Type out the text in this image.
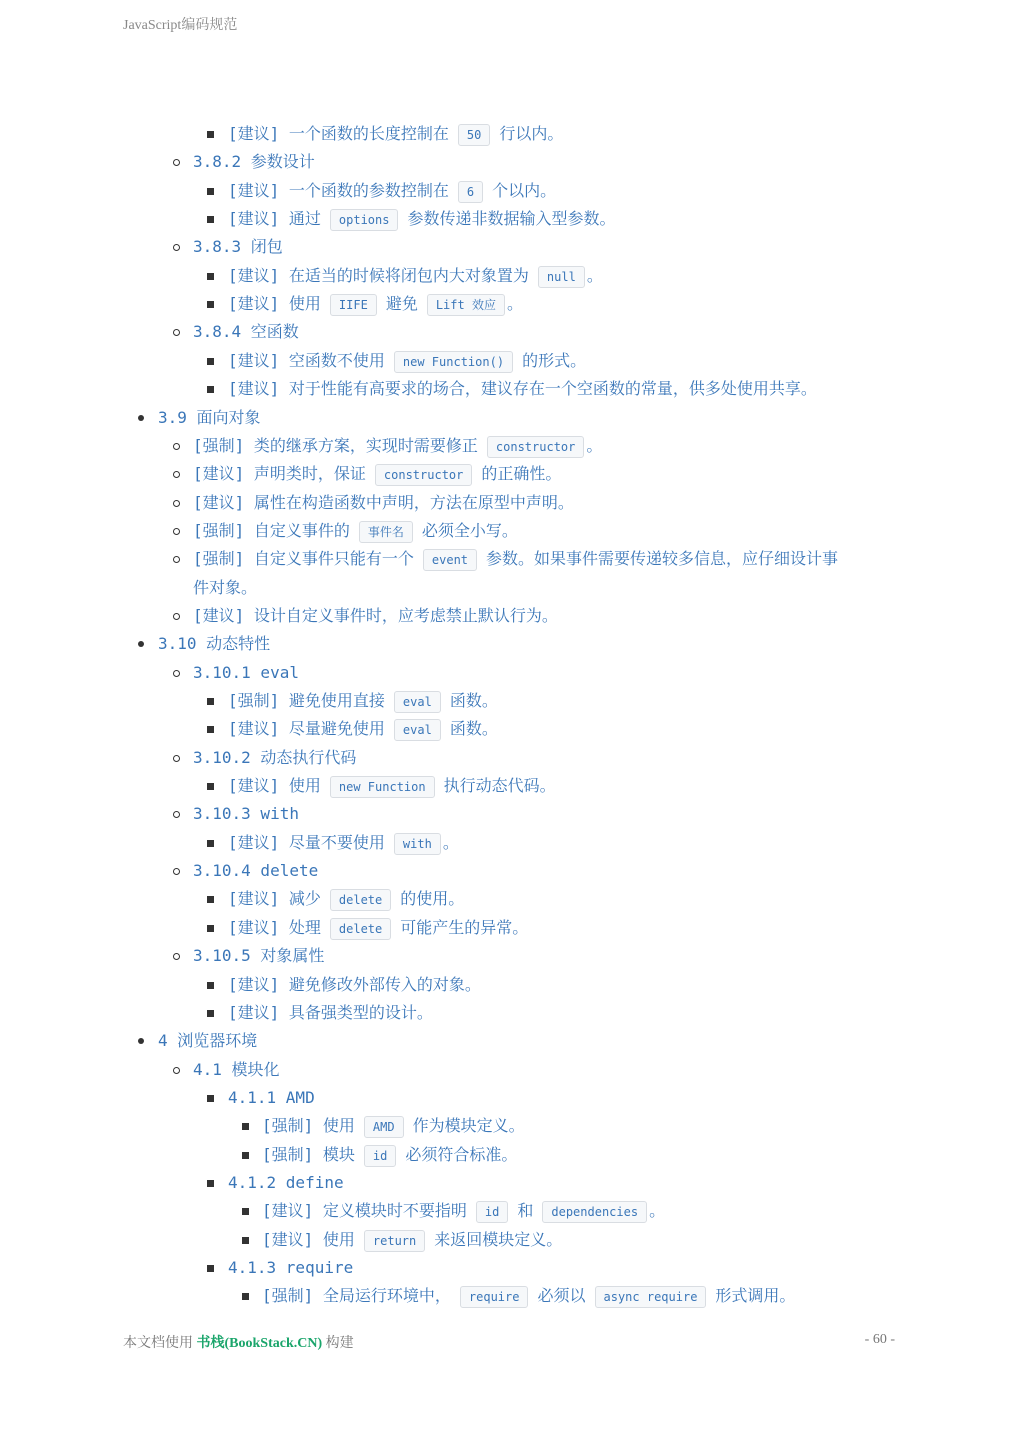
JavaScript编码规范
[建议] 一个函数的长度控制在 50 行以内。
3.8.2 参数设计
[建议] 一个函数的参数控制在 6 个以内。
[建议] 通过 options 参数传递非数据输入型参数。
3.8.3 闭包
[建议] 在适当的时候将闭包内大对象置为 null 。
[建议] 使用 IIFE 避免 Lift 效应 。
3.8.4 空函数
[建议] 空函数不使用 new Function() 的形式。
[建议] 对于性能有高要求的场合，建议存在一个空函数的常量，供多处使用共享。
3.9 面向对象
[强制] 类的继承方案，实现时需要修正 constructor 。
[建议] 声明类时，保证 constructor 的正确性。
[建议] 属性在构造函数中声明，方法在原型中声明。
[强制] 自定义事件的 事件名 必须全小写。
[强制] 自定义事件只能有一个 event 参数。如果事件需要传递较多信息，应仔细设计事
件对象。
[建议] 设计自定义事件时，应考虑禁止默认行为。
3.10 动态特性
3.10.1 eval
[强制] 避免使用直接 eval 函数。
[建议] 尽量避免使用 eval 函数。
3.10.2 动态执行代码
[建议] 使用 new Function 执行动态代码。
3.10.3 with
[建议] 尽量不要使用 with 。
3.10.4 delete
[建议] 减少 delete 的使用。
[建议] 处理 delete 可能产生的异常。
3.10.5 对象属性
[建议] 避免修改外部传入的对象。
[建议] 具备强类型的设计。
4 浏览器环境
4.1 模块化
4.1.1 AMD
[强制] 使用 AMD 作为模块定义。
[强制] 模块 id 必须符合标准。
4.1.2 define
[建议] 定义模块时不要指明 id 和 dependencies 。
[建议] 使用 return 来返回模块定义。
4.1.3 require
[强制] 全局运行环境中， require 必须以 async require 形式调用。
本文档使用 书栈(BookStack.CN) 构建	- 60 -
